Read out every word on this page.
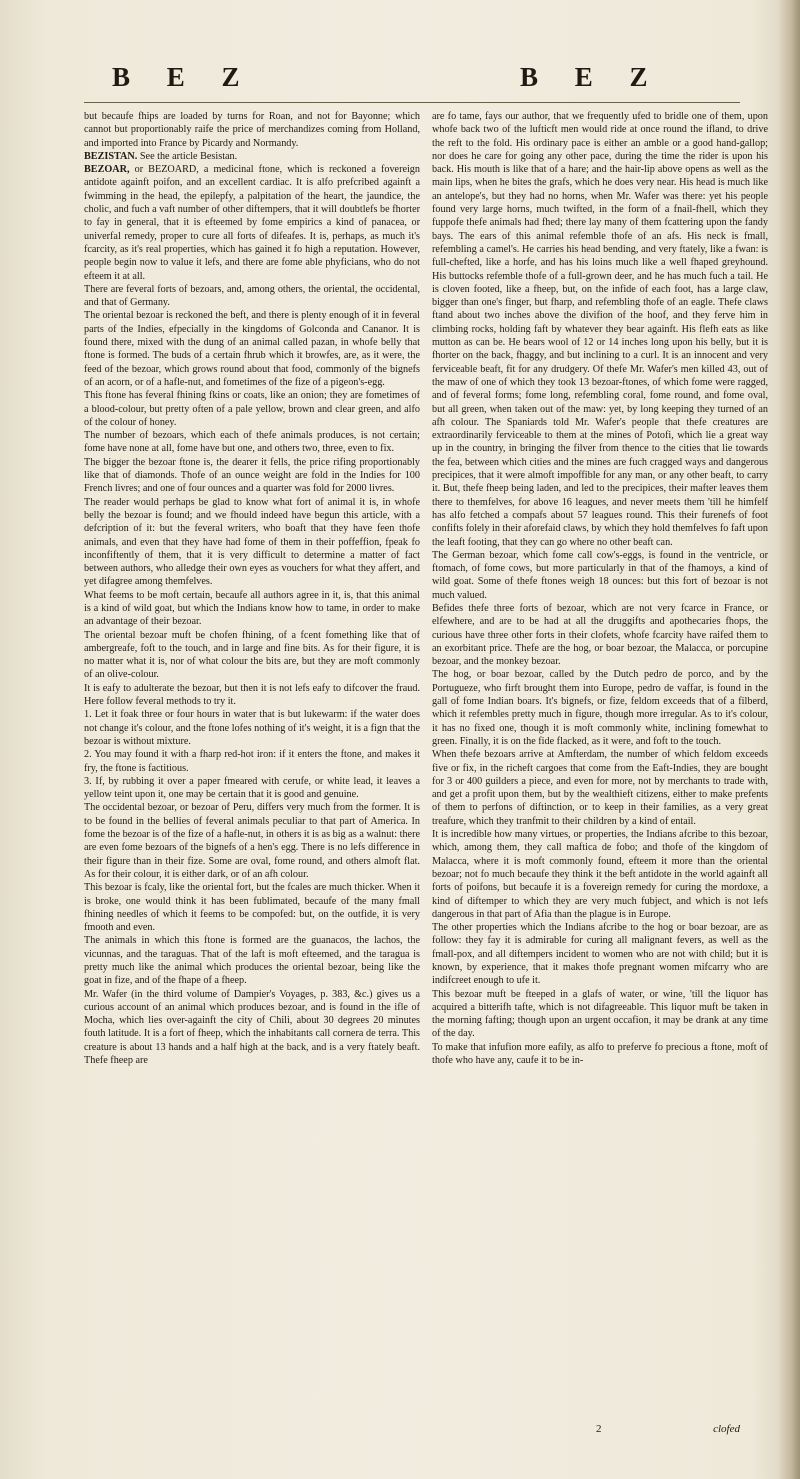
B E Z	B E Z

but becaufe fhips are loaded by turns for Roan, and not for Bayonne; which cannot but proportionably raife the price of merchandizes coming from Holland, and imported into France by Picardy and Normandy.

BEZISTAN. See the article Besistan.

BEZOAR, or BEZOARD, a medicinal ftone, which is reckoned a fovereign antidote againft poifon, and an excellent cardiac. It is alfo prefcribed againft a fwimming in the head, the epilepfy, a palpitation of the heart, the jaundice, the cholic, and fuch a vaft number of other diftempers, that it will doubtlefs be fhorter to fay in general, that it is efteemed by fome empirics a kind of panacea, or univerfal remedy, proper to cure all forts of difeafes. It is, perhaps, as much it's fcarcity, as it's real properties, which has gained it fo high a reputation. However, people begin now to value it lefs, and there are fome able phyficians, who do not efteem it at all.

There are feveral forts of bezoars, and, among others, the oriental, the occidental, and that of Germany.

The oriental bezoar is reckoned the beft, and there is plenty enough of it in feveral parts of the Indies, efpecially in the kingdoms of Golconda and Cananor. It is found there, mixed with the dung of an animal called pazan, in whofe belly that ftone is formed. The buds of a certain fhrub which it browfes, are, as it were, the feed of the bezoar, which grows round about that food, commonly of the bignefs of an acorn, or of a hafle-nut, and fometimes of the fize of a pigeon's-egg.

This ftone has feveral fhining fkins or coats, like an onion; they are fometimes of a blood-colour, but pretty often of a pale yellow, brown and clear green, and alfo of the colour of honey.

The number of bezoars, which each of thefe animals produces, is not certain; fome have none at all, fome have but one, and others two, three, even to fix.

The bigger the bezoar ftone is, the dearer it fells, the price rifing proportionably like that of diamonds. Thofe of an ounce weight are fold in the Indies for 100 French livres; and one of four ounces and a quarter was fold for 2000 livres.

The reader would perhaps be glad to know what fort of animal it is, in whofe belly the bezoar is found; and we fhould indeed have begun this article, with a defcription of it: but the feveral writers, who boaft that they have feen thofe animals, and even that they have had fome of them in their poffeffion, fpeak fo inconfiftently of them, that it is very difficult to determine a matter of fact between authors, who alledge their own eyes as vouchers for what they affert, and yet difagree among themfelves.

What feems to be moft certain, becaufe all authors agree in it, is, that this animal is a kind of wild goat, but which the Indians know how to tame, in order to make an advantage of their bezoar.

The oriental bezoar muft be chofen fhining, of a fcent fomething like that of ambergreafe, foft to the touch, and in large and fine bits. As for their figure, it is no matter what it is, nor of what colour the bits are, but they are moft commonly of an olive-colour.

It is eafy to adulterate the bezoar, but then it is not lefs eafy to difcover the fraud. Here follow feveral methods to try it.

1. Let it foak three or four hours in water that is but lukewarm: if the water does not change it's colour, and the ftone lofes nothing of it's weight, it is a fign that the bezoar is without mixture.

2. You may found it with a fharp red-hot iron: if it enters the ftone, and makes it fry, the ftone is factitious.

3. If, by rubbing it over a paper fmeared with cerufe, or white lead, it leaves a yellow teint upon it, one may be certain that it is good and genuine.

The occidental bezoar, or bezoar of Peru, differs very much from the former. It is to be found in the bellies of feveral animals peculiar to that part of America. In fome the bezoar is of the fize of a hafle-nut, in others it is as big as a walnut: there are even fome bezoars of the bignefs of a hen's egg. There is no lefs difference in their figure than in their fize. Some are oval, fome round, and others almoft flat. As for their colour, it is either dark, or of an afh colour.

This bezoar is fcaly, like the oriental fort, but the fcales are much thicker. When it is broke, one would think it has been fublimated, becaufe of the many fmall fhining needles of which it feems to be compofed: but, on the outfide, it is very fmooth and even.

The animals in which this ftone is formed are the guanacos, the lachos, the vicunnas, and the taraguas. That of the laft is moft efteemed, and the taragua is pretty much like the animal which produces the oriental bezoar, being like the goat in fize, and of the fhape of a fheep.

Mr. Wafer (in the third volume of Dampier's Voyages, p. 383, &c.) gives us a curious account of an animal which produces bezoar, and is found in the ifle of Mocha, which lies over-againft the city of Chili, about 30 degrees 20 minutes fouth latitude. It is a fort of fheep, which the inhabitants call cornera de terra. This creature is about 13 hands and a half high at the back, and is a very ftately beaft. Thefe fheep are

are fo tame, fays our author, that we frequently ufed to bridle one of them, upon whofe back two of the lufticft men would ride at once round the ifland, to drive the reft to the fold. His ordinary pace is either an amble or a good hand-gallop; nor does he care for going any other pace, during the time the rider is upon his back. His mouth is like that of a hare; and the hair-lip above opens as well as the main lips, when he bites the grafs, which he does very near. His head is much like an antelope's, but they had no horns, when Mr. Wafer was there: yet his people found very large horns, much twifted, in the form of a fnail-fhell, which they fuppofe thefe animals had fhed; there lay many of them fcattering upon the fandy bays. The ears of this animal refemble thofe of an afs. His neck is fmall, refembling a camel's. He carries his head bending, and very ftately, like a fwan: is full-chefted, like a horfe, and has his loins much like a well fhaped greyhound. His buttocks refemble thofe of a full-grown deer, and he has much fuch a tail. He is cloven footed, like a fheep, but, on the infide of each foot, has a large claw, bigger than one's finger, but fharp, and refembling thofe of an eagle. Thefe claws ftand about two inches above the divifion of the hoof, and they ferve him in climbing rocks, holding faft by whatever they bear againft. His flefh eats as like mutton as can be. He bears wool of 12 or 14 inches long upon his belly, but it is fhorter on the back, fhaggy, and but inclining to a curl. It is an innocent and very ferviceable beaft, fit for any drudgery. Of thefe Mr. Wafer's men killed 43, out of the maw of one of which they took 13 bezoar-ftones, of which fome were ragged, and of feveral forms; fome long, refembling coral, fome round, and fome oval, but all green, when taken out of the maw: yet, by long keeping they turned of an afh colour. The Spaniards told Mr. Wafer's people that thefe creatures are extraordinarily ferviceable to them at the mines of Potofi, which lie a great way up in the country, in bringing the filver from thence to the cities that lie towards the fea, between which cities and the mines are fuch cragged ways and dangerous precipices, that it were almoft impoffible for any man, or any other beaft, to carry it. But, thefe fheep being laden, and led to the precipices, their mafter leaves them there to themfelves, for above 16 leagues, and never meets them 'till he himfelf has alfo fetched a compafs about 57 leagues round. This their furenefs of foot confifts folely in their aforefaid claws, by which they hold themfelves fo faft upon the leaft footing, that they can go where no other beaft can.

The German bezoar, which fome call cow's-eggs, is found in the ventricle, or ftomach, of fome cows, but more particularly in that of the fhamoys, a kind of wild goat. Some of thefe ftones weigh 18 ounces: but this fort of bezoar is not much valued.

Befides thefe three forts of bezoar, which are not very fcarce in France, or elfewhere, and are to be had at all the druggifts and apothecaries fhops, the curious have three other forts in their clofets, whofe fcarcity have raifed them to an exorbitant price. Thefe are the hog, or boar bezoar, the Malacca, or porcupine bezoar, and the monkey bezoar.

The hog, or boar bezoar, called by the Dutch pedro de porco, and by the Portugueze, who firft brought them into Europe, pedro de vaffar, is found in the gall of fome Indian boars. It's bignefs, or fize, feldom exceeds that of a filberd, which it refembles pretty much in figure, though more irregular. As to it's colour, it has no fixed one, though it is moft commonly white, inclining fomewhat to green. Finally, it is on the fide flacked, as it were, and foft to the touch.

When thefe bezoars arrive at Amfterdam, the number of which feldom exceeds five or fix, in the richeft cargoes that come from the Eaft-Indies, they are bought for 3 or 400 guilders a piece, and even for more, not by merchants to trade with, and get a profit upon them, but by the wealthieft citizens, either to make prefents of them to perfons of diftinction, or to keep in their families, as a very great treafure, which they tranfmit to their children by a kind of entail.

It is incredible how many virtues, or properties, the Indians afcribe to this bezoar, which, among them, they call maftica de fobo; and thofe of the kingdom of Malacca, where it is moft commonly found, efteem it more than the oriental bezoar; not fo much becaufe they think it the beft antidote in the world againft all forts of poifons, but becaufe it is a fovereign remedy for curing the mordoxe, a kind of diftemper to which they are very much fubject, and which is not lefs dangerous in that part of Afia than the plague is in Europe.

The other properties which the Indians afcribe to the hog or boar bezoar, are as follow: they fay it is admirable for curing all malignant fevers, as well as the fmall-pox, and all diftempers incident to women who are not with child; but it is known, by experience, that it makes thofe pregnant women mifcarry who are indifcreet enough to ufe it.

This bezoar muft be fteeped in a glafs of water, or wine, 'till the liquor has acquired a bitterifh tafte, which is not difagreeable. This liquor muft be taken in the morning fafting; though upon an urgent occafion, it may be drank at any time of the day.

To make that infufion more eafily, as alfo to preferve fo precious a ftone, moft of thofe who have any, caufe it to be in-

2	clofed
